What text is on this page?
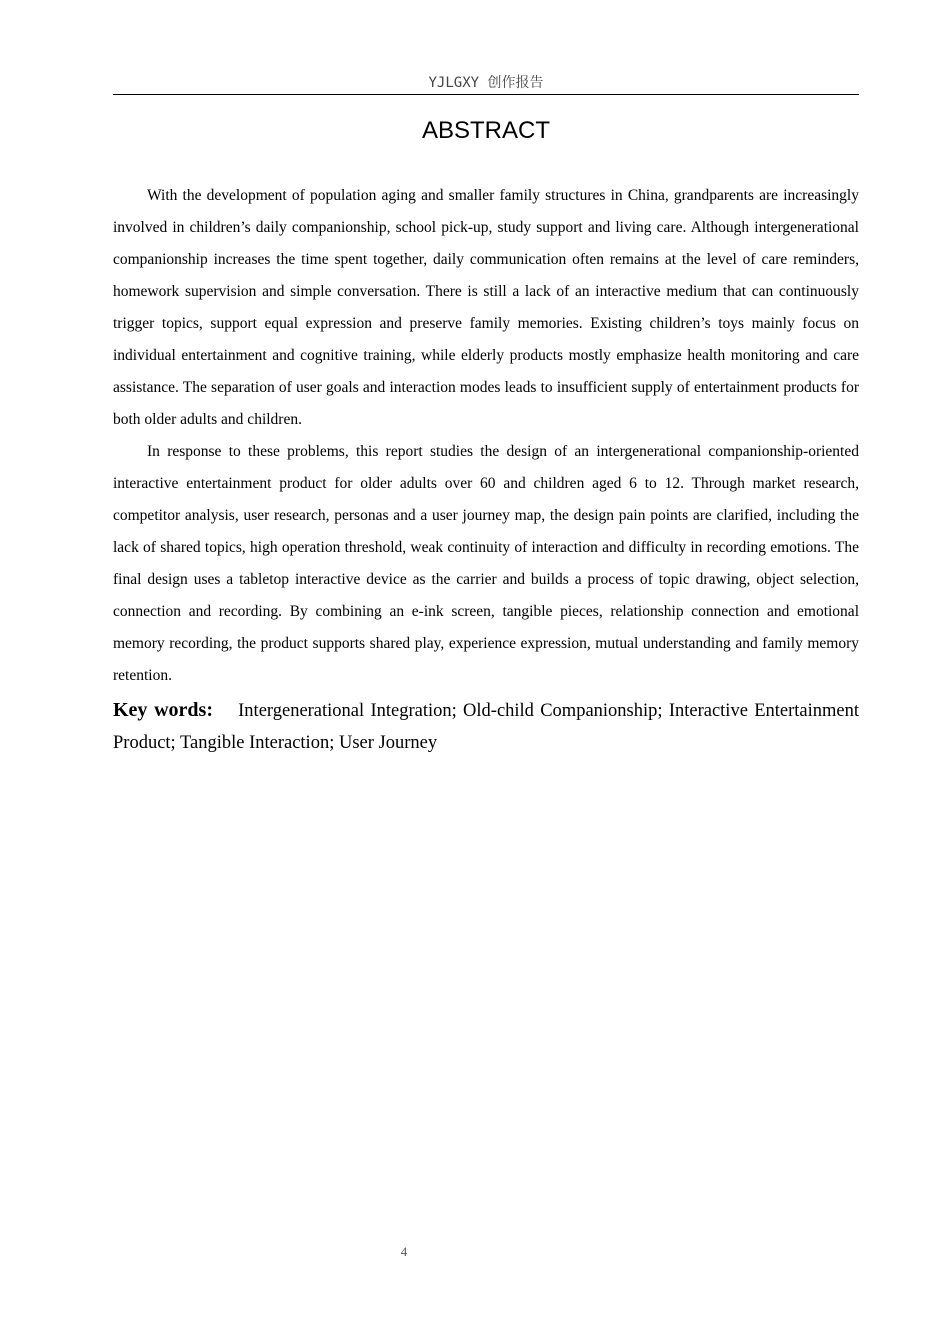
YJLGXY 创作报告
ABSTRACT

With the development of population aging and smaller family structures in China, grandparents are increasingly involved in children’s daily companionship, school pick-up, study support and living care. Although intergenerational companionship increases the time spent together, daily communication often remains at the level of care reminders, homework supervision and simple conversation. There is still a lack of an interactive medium that can continuously trigger topics, support equal expression and preserve family memories. Existing children’s toys mainly focus on individual entertainment and cognitive training, while elderly products mostly emphasize health monitoring and care assistance. The separation of user goals and interaction modes leads to insufficient supply of entertainment products for both older adults and children.

In response to these problems, this report studies the design of an intergenerational companionship-oriented interactive entertainment product for older adults over 60 and children aged 6 to 12. Through market research, competitor analysis, user research, personas and a user journey map, the design pain points are clarified, including the lack of shared topics, high operation threshold, weak continuity of interaction and difficulty in recording emotions. The final design uses a tabletop interactive device as the carrier and builds a process of topic drawing, object selection, connection and recording. By combining an e-ink screen, tangible pieces, relationship connection and emotional memory recording, the product supports shared play, experience expression, mutual understanding and family memory retention.

Key words: Intergenerational Integration; Old-child Companionship; Interactive Entertainment Product; Tangible Interaction; User Journey

4
